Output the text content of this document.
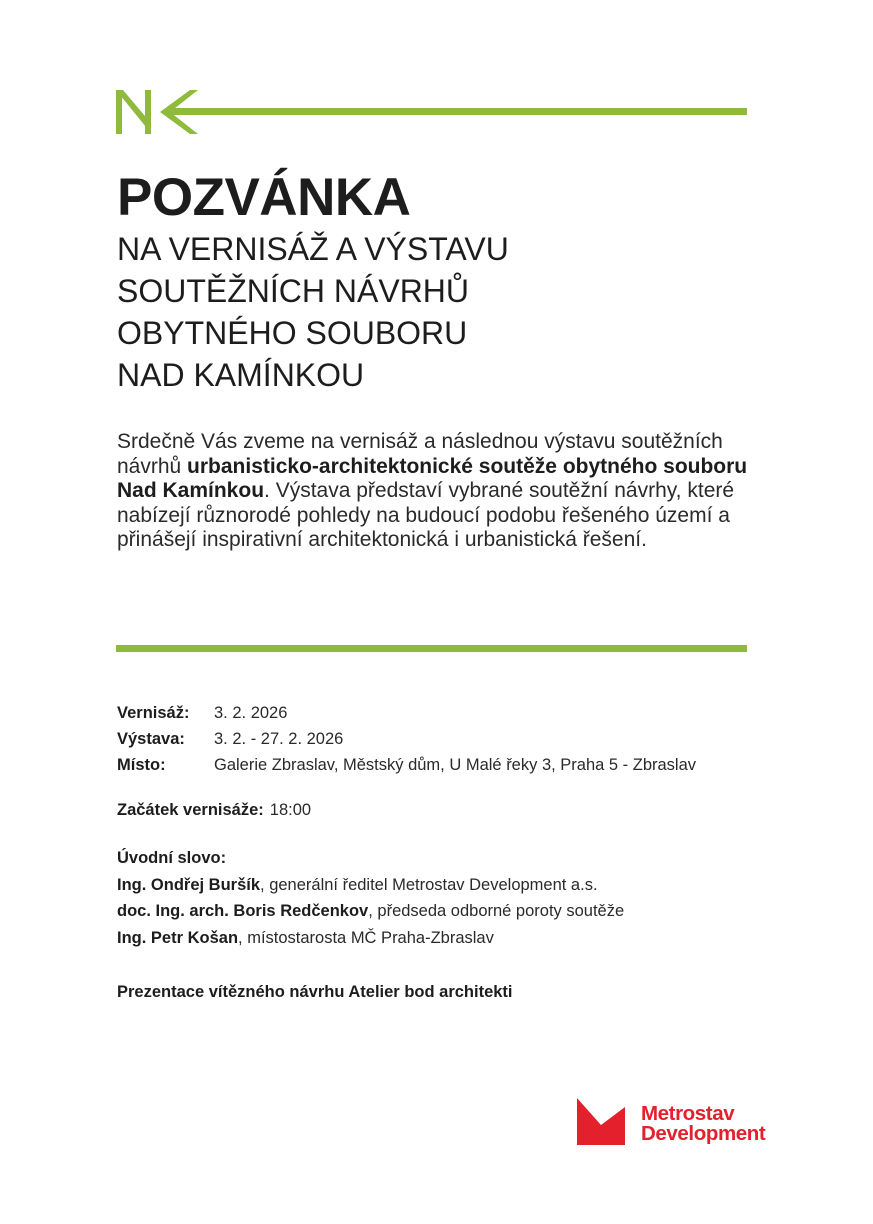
POZVÁNKA
NA VERNISÁŽ A VÝSTAVU
SOUTĚŽNÍCH NÁVRHŮ
OBYTNÉHO SOUBORU
NAD KAMÍNKOU

Srdečně Vás zveme na vernisáž a následnou výstavu soutěžních návrhů urbanisticko-architektonické soutěže obytného souboru Nad Kamínkou. Výstava představí vybrané soutěžní návrhy, které nabízejí různorodé pohledy na budoucí podobu řešeného území a přinášejí inspirativní architektonická i urbanistická řešení.

Vernisáž:	3. 2. 2026
Výstava:	3. 2. - 27. 2. 2026
Místo:	Galerie Zbraslav, Městský dům, U Malé řeky 3, Praha 5 - Zbraslav
Začátek vernisáže: 18:00
Úvodní slovo:
Ing. Ondřej Buršík, generální ředitel Metrostav Development a.s.
doc. Ing. arch. Boris Redčenkov, předseda odborné poroty soutěže
Ing. Petr Košan, místostarosta MČ Praha-Zbraslav
Prezentace vítězného návrhu Atelier bod architekti
Metrostav
Development
